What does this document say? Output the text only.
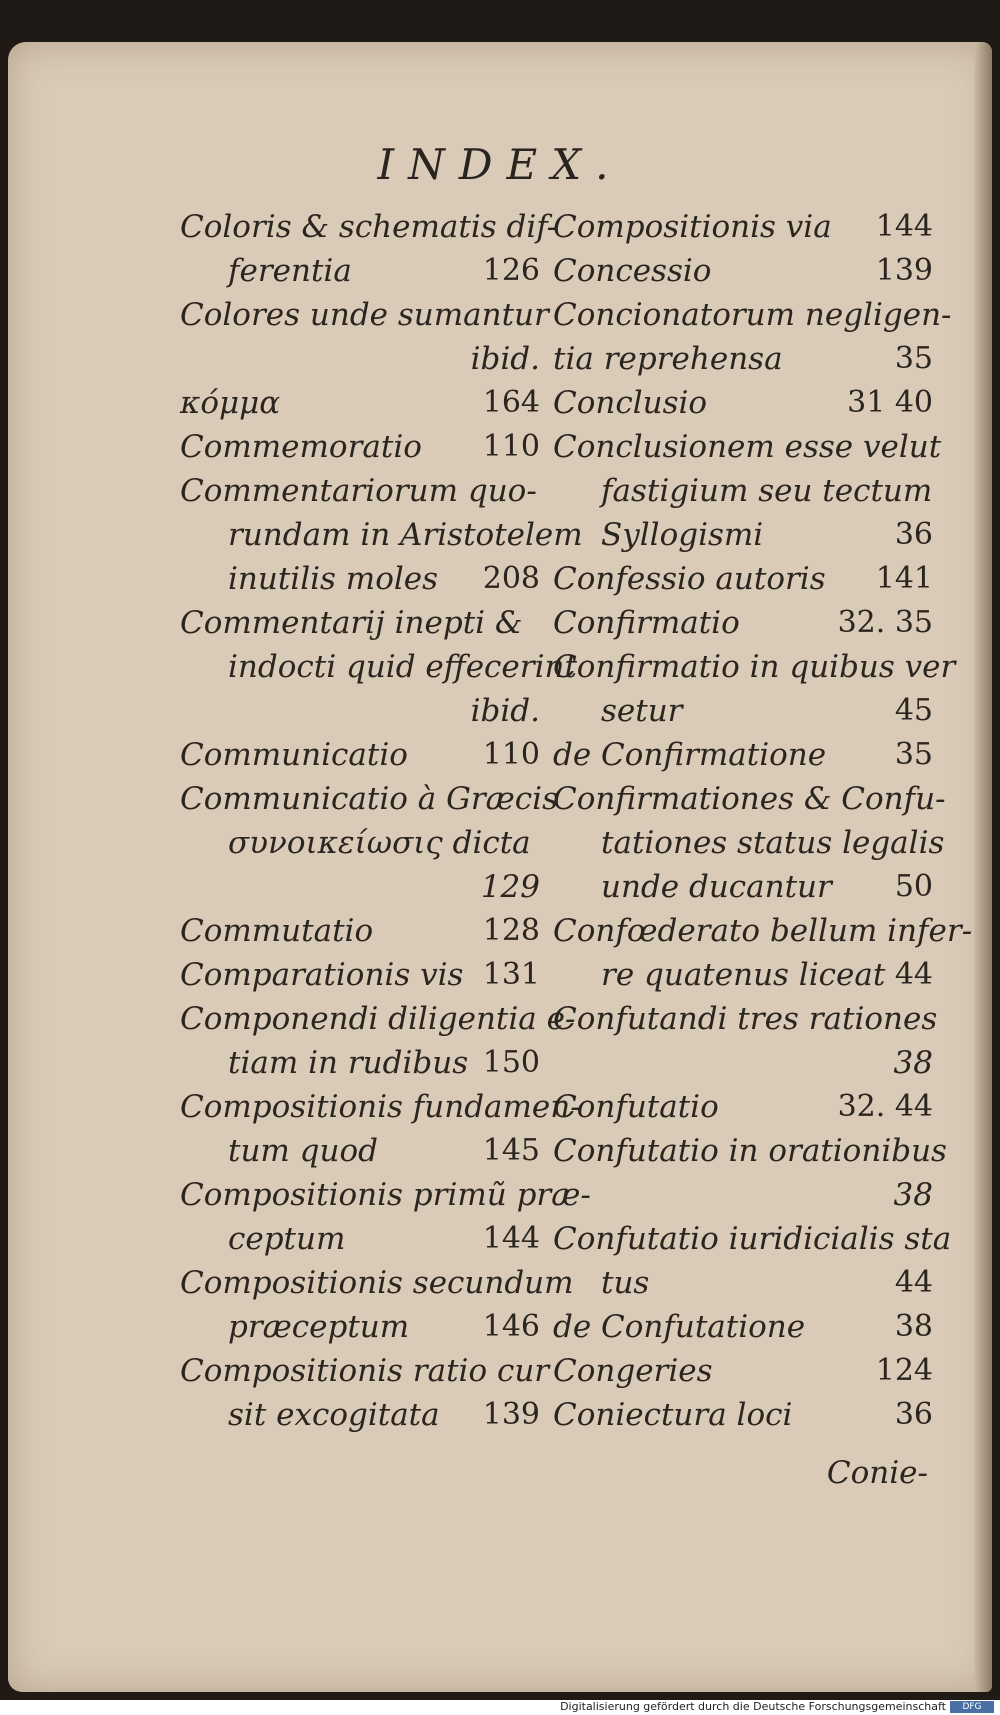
INDEX.
Coloris & schematis dif-
ferentia	126
Colores unde sumantur
ibid.
κόμμα	164
Commemoratio	110
Commentariorum quo-
rundam in Aristotelem
inutilis moles	208
Commentarij inepti &
indocti quid effecerint
ibid.
Communicatio	110
Communicatio à Græcis
συνοικείωσις dicta
129
Commutatio	128
Comparationis vis 131
Componendi diligentia e-
tiam in rudibus 150
Compositionis fundamen-
tum quod	145
Compositionis primũ præ-
ceptum	144
Compositionis secundum
præceptum	146
Compositionis ratio cur
sit excogitata	139
Compositionis via	144
Concessio	139
Concionatorum negligen-
tia reprehensa	35
Conclusio	31 40
Conclusionem esse velut
fastigium seu tectum
Syllogismi	36
Confessio autoris	141
Confirmatio	32. 35
Confirmatio in quibus ver
setur	45
de Confirmatione	35
Confirmationes & Confu-
tationes status legalis
unde ducantur	50
Confœderato bellum infer-
re quatenus liceat 44
Confutandi tres rationes
38
Confutatio	32. 44
Confutatio in orationibus
38
Confutatio iuridicialis sta
tus	44
de Confutatione	38
Congeries	124
Coniectura loci	36
Conie-
Digitalisierung gefördert durch die Deutsche Forschungsgemeinschaft	DFG
